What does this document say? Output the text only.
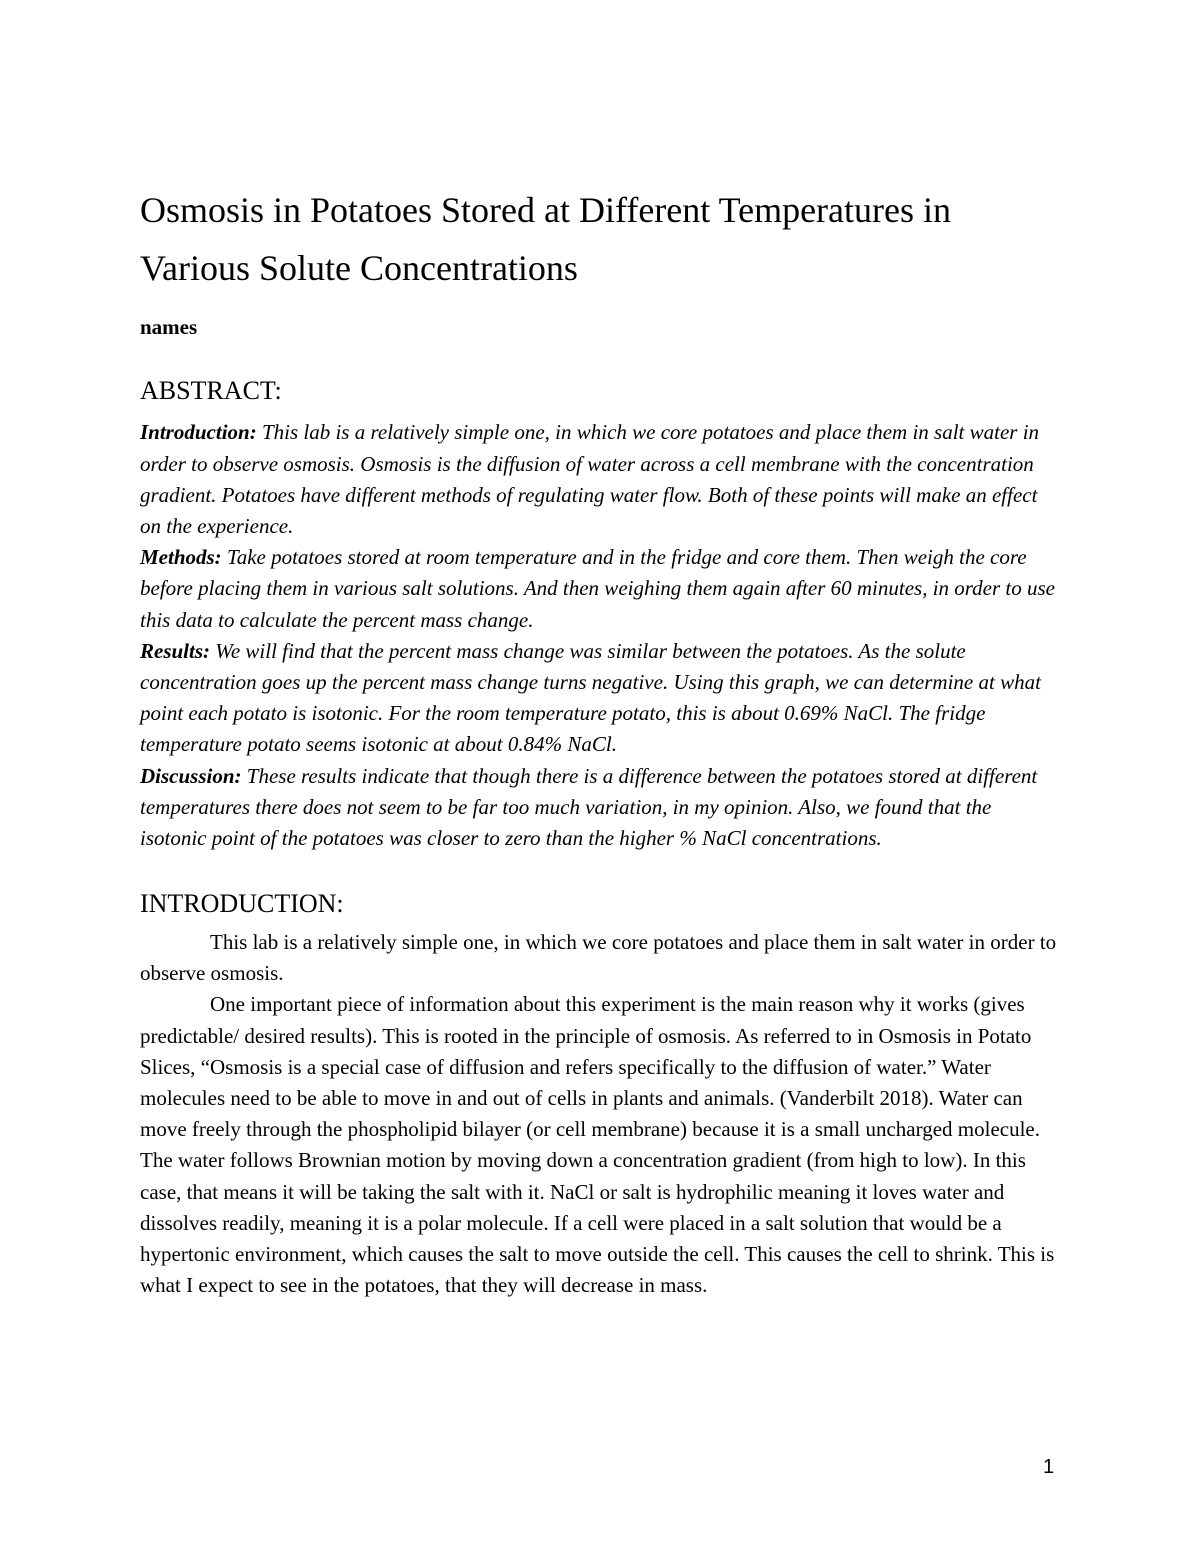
Osmosis in Potatoes Stored at Different Temperatures in Various Solute Concentrations

names

ABSTRACT:

Introduction: This lab is a relatively simple one, in which we core potatoes and place them in salt water in order to observe osmosis. Osmosis is the diffusion of water across a cell membrane with the concentration gradient. Potatoes have different methods of regulating water flow. Both of these points will make an effect on the experience.

Methods: Take potatoes stored at room temperature and in the fridge and core them. Then weigh the core before placing them in various salt solutions. And then weighing them again after 60 minutes, in order to use this data to calculate the percent mass change.

Results: We will find that the percent mass change was similar between the potatoes. As the solute concentration goes up the percent mass change turns negative. Using this graph, we can determine at what point each potato is isotonic. For the room temperature potato, this is about 0.69% NaCl. The fridge temperature potato seems isotonic at about 0.84% NaCl.

Discussion: These results indicate that though there is a difference between the potatoes stored at different temperatures there does not seem to be far too much variation, in my opinion. Also, we found that the isotonic point of the potatoes was closer to zero than the higher % NaCl concentrations.

INTRODUCTION:

This lab is a relatively simple one, in which we core potatoes and place them in salt water in order to observe osmosis.

One important piece of information about this experiment is the main reason why it works (gives predictable/ desired results). This is rooted in the principle of osmosis. As referred to in Osmosis in Potato Slices, “Osmosis is a special case of diffusion and refers specifically to the diffusion of water.” Water molecules need to be able to move in and out of cells in plants and animals. (Vanderbilt 2018). Water can move freely through the phospholipid bilayer (or cell membrane) because it is a small uncharged molecule. The water follows Brownian motion by moving down a concentration gradient (from high to low). In this case, that means it will be taking the salt with it. NaCl or salt is hydrophilic meaning it loves water and dissolves readily, meaning it is a polar molecule. If a cell were placed in a salt solution that would be a hypertonic environment, which causes the salt to move outside the cell. This causes the cell to shrink. This is what I expect to see in the potatoes, that they will decrease in mass.

1
